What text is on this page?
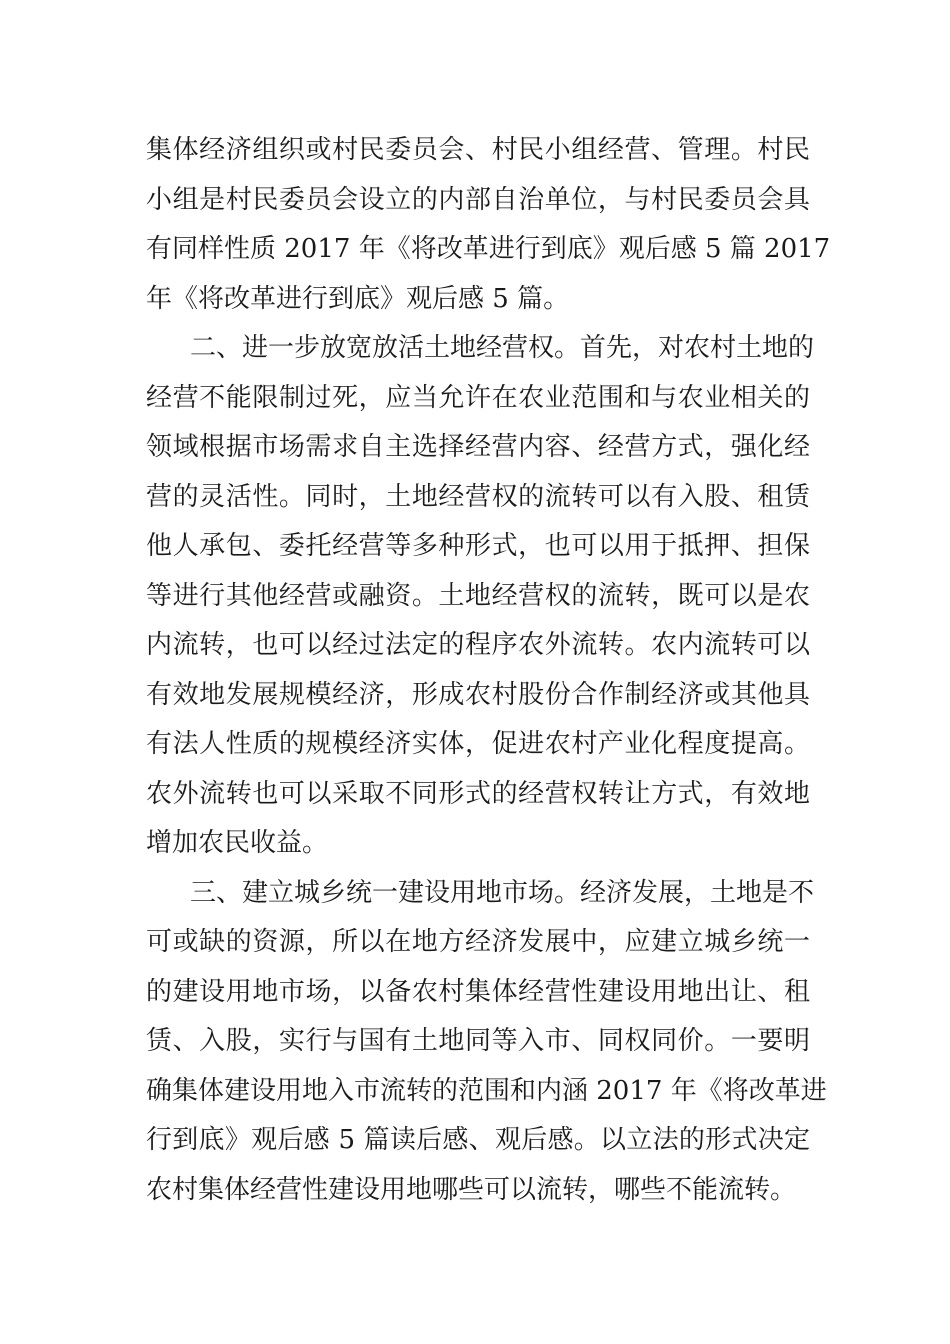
集体经济组织或村民委员会、村民小组经营、管理。村民
小组是村民委员会设立的内部自治单位，与村民委员会具
有同样性质 2017 年《将改革进行到底》观后感 5 篇 2017
年《将改革进行到底》观后感 5 篇。
二、进一步放宽放活土地经营权。首先，对农村土地的
经营不能限制过死，应当允许在农业范围和与农业相关的
领域根据市场需求自主选择经营内容、经营方式，强化经
营的灵活性。同时，土地经营权的流转可以有入股、租赁
他人承包、委托经营等多种形式，也可以用于抵押、担保
等进行其他经营或融资。土地经营权的流转，既可以是农
内流转，也可以经过法定的程序农外流转。农内流转可以
有效地发展规模经济，形成农村股份合作制经济或其他具
有法人性质的规模经济实体，促进农村产业化程度提高。
农外流转也可以采取不同形式的经营权转让方式，有效地
增加农民收益。
三、建立城乡统一建设用地市场。经济发展，土地是不
可或缺的资源，所以在地方经济发展中，应建立城乡统一
的建设用地市场，以备农村集体经营性建设用地出让、租
赁、入股，实行与国有土地同等入市、同权同价。一要明
确集体建设用地入市流转的范围和内涵 2017 年《将改革进
行到底》观后感 5 篇读后感、观后感。以立法的形式决定
农村集体经营性建设用地哪些可以流转，哪些不能流转。
